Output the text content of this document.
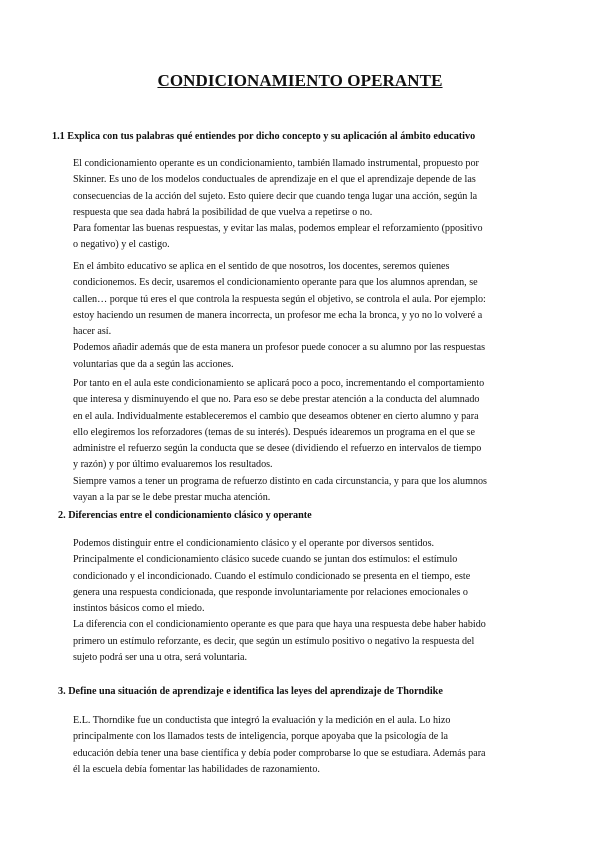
CONDICIONAMIENTO OPERANTE

1.1 Explica con tus palabras qué entiendes por dicho concepto y su aplicación al ámbito educativo

El condicionamiento operante es un condicionamiento, también llamado instrumental, propuesto por
Skinner. Es uno de los modelos conductuales de aprendizaje en el que el aprendizaje depende de las
consecuencias de la acción del sujeto. Esto quiere decir que cuando tenga lugar una acción, según la
respuesta que sea dada habrá la posibilidad de que vuelva a repetirse o no.
Para fomentar las buenas respuestas, y evitar las malas, podemos emplear el reforzamiento (ppositivo
o negativo) y el castigo.
En el ámbito educativo se aplica en el sentido de que nosotros, los docentes, seremos quienes
condicionemos. Es decir, usaremos el condicionamiento operante para que los alumnos aprendan, se
callen… porque tú eres el que controla la respuesta según el objetivo, se controla el aula. Por ejemplo:
estoy haciendo un resumen de manera incorrecta, un profesor me echa la bronca, y yo no lo volveré a
hacer así.
Podemos añadir además que de esta manera un profesor puede conocer a su alumno por las respuestas
voluntarias que da a según las acciones.
Por tanto en el aula este condicionamiento se aplicará poco a poco, incrementando el comportamiento
que interesa y disminuyendo el que no. Para eso se debe prestar atención a la conducta del alumnado
en el aula. Individualmente estableceremos el cambio que deseamos obtener en cierto alumno y para
ello elegiremos los reforzadores (temas de su interés). Después idearemos un programa en el que se
administre el refuerzo según la conducta que se desee (dividiendo el refuerzo en intervalos de tiempo
y razón) y por último evaluaremos los resultados.
Siempre vamos a tener un programa de refuerzo distinto en cada circunstancia, y para que los alumnos
vayan a la par se le debe prestar mucha atención.

2. Diferencias entre el condicionamiento clásico y operante

Podemos distinguir entre el condicionamiento clásico y el operante por diversos sentidos.
Principalmente el condicionamiento clásico sucede cuando se juntan dos estímulos: el estímulo
condicionado y el incondicionado. Cuando el estímulo condicionado se presenta en el tiempo, este
genera una respuesta condicionada, que responde involuntariamente por relaciones emocionales o
instintos básicos como el miedo.
La diferencia con el condicionamiento operante es que para que haya una respuesta debe haber habido
primero un estímulo reforzante, es decir, que según un estímulo positivo o negativo la respuesta del
sujeto podrá ser una u otra, será voluntaria.

3. Define una situación de aprendizaje e identifica las leyes del aprendizaje de Thorndike

E.L. Thorndike fue un conductista que integró la evaluación y la medición en el aula. Lo hizo
principalmente con los llamados tests de inteligencia, porque apoyaba que la psicología de la
educación debía tener una base científica y debía poder comprobarse lo que se estudiara. Además para
él la escuela debía fomentar las habilidades de razonamiento.
